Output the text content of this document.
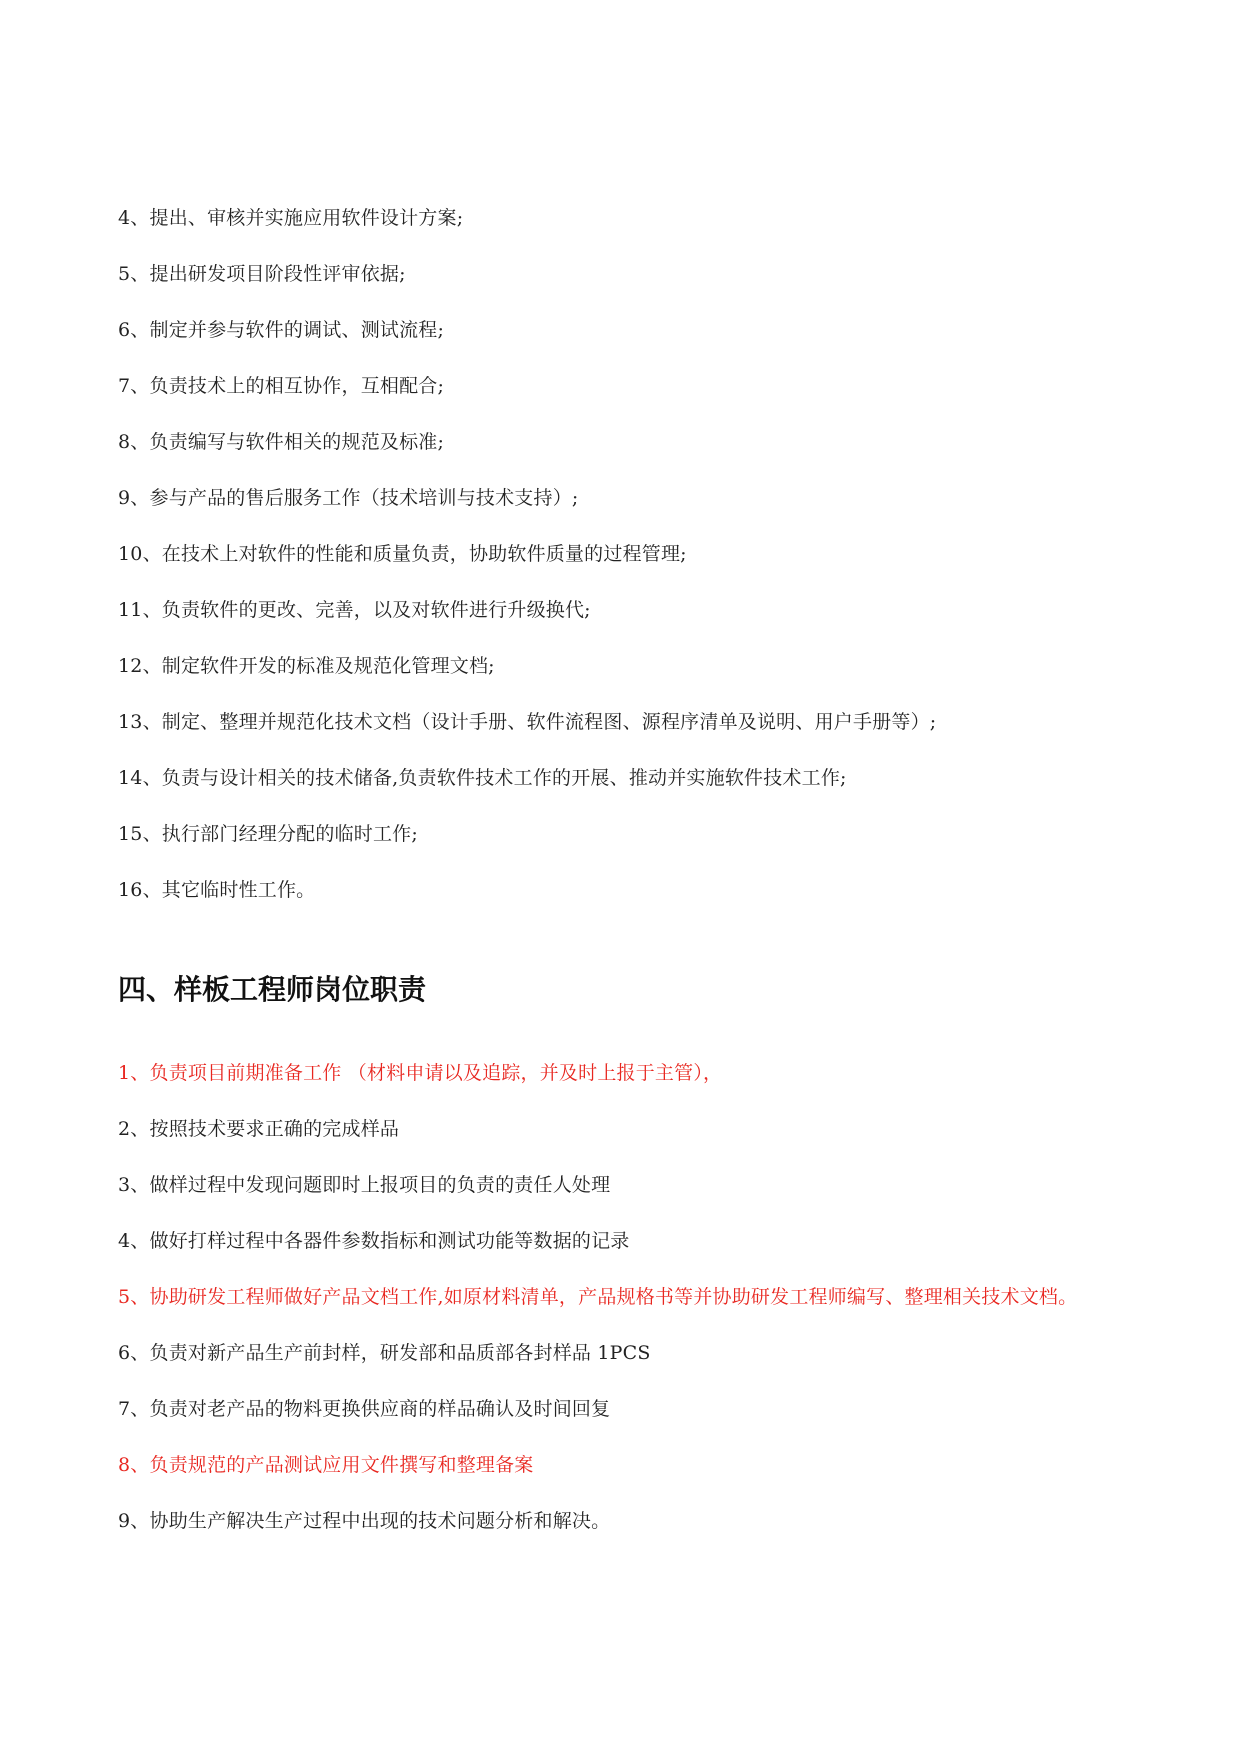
4、提出、审核并实施应用软件设计方案;
5、提出研发项目阶段性评审依据;
6、制定并参与软件的调试、测试流程;
7、负责技术上的相互协作，互相配合;
8、负责编写与软件相关的规范及标准;
9、参与产品的售后服务工作（技术培训与技术支持）;
10、在技术上对软件的性能和质量负责，协助软件质量的过程管理;
11、负责软件的更改、完善，以及对软件进行升级换代;
12、制定软件开发的标准及规范化管理文档;
13、制定、整理并规范化技术文档（设计手册、软件流程图、源程序清单及说明、用户手册等）;
14、负责与设计相关的技术储备,负责软件技术工作的开展、推动并实施软件技术工作;
15、执行部门经理分配的临时工作;
16、其它临时性工作。
四、样板工程师岗位职责
1、负责项目前期准备工作 （材料申请以及追踪，并及时上报于主管），
2、按照技术要求正确的完成样品
3、做样过程中发现问题即时上报项目的负责的责任人处理
4、做好打样过程中各器件参数指标和测试功能等数据的记录
5、协助研发工程师做好产品文档工作,如原材料清单，产品规格书等并协助研发工程师编写、整理相关技术文档。
6、负责对新产品生产前封样，研发部和品质部各封样品 1PCS
7、负责对老产品的物料更换供应商的样品确认及时间回复
8、负责规范的产品测试应用文件撰写和整理备案
9、协助生产解决生产过程中出现的技术问题分析和解决。
